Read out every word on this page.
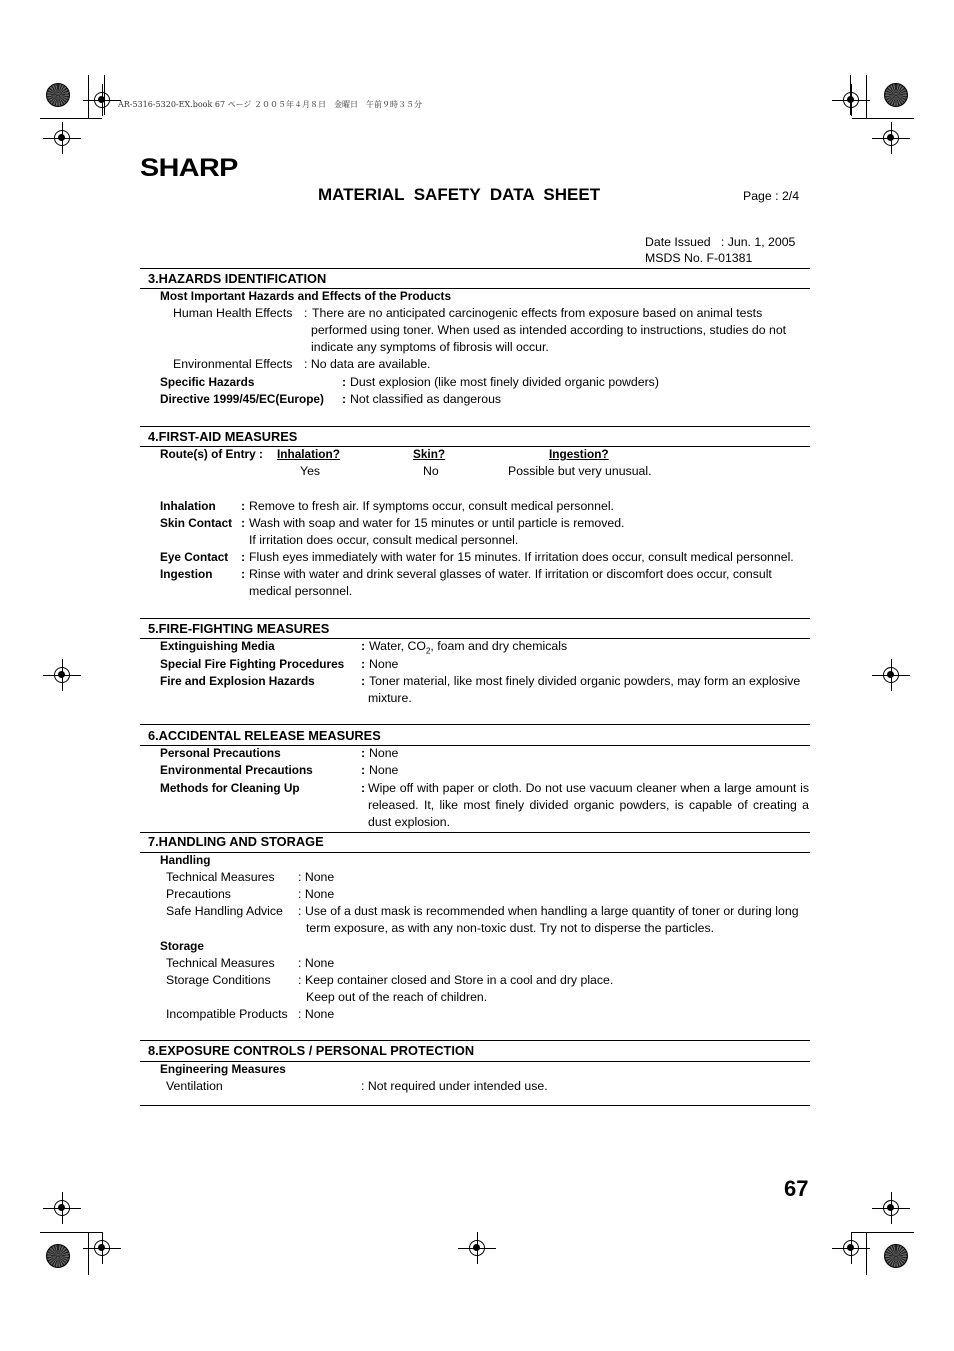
AR-5316-5320-EX.book 67 ページ ２００５年４月８日　金曜日　午前９時３５分
SHARP
MATERIAL  SAFETY  DATA  SHEET	Page : 2/4
Date Issued   : Jun. 1, 2005
MSDS No. F-01381
3.HAZARDS IDENTIFICATION
Most Important Hazards and Effects of the Products
Human Health Effects : There are no anticipated carcinogenic effects from exposure based on animal tests
performed using toner. When used as intended according to instructions, studies do not
indicate any symptoms of fibrosis will occur.
Environmental Effects : No data are available.
Specific Hazards	: Dust explosion (like most finely divided organic powders)
Directive 1999/45/EC(Europe) : Not classified as dangerous
4.FIRST-AID MEASURES
Route(s) of Entry : Inhalation?	Skin?	Ingestion?
Yes	No	Possible but very unusual.
Inhalation : Remove to fresh air. If symptoms occur, consult medical personnel.
Skin Contact : Wash with soap and water for 15 minutes or until particle is removed.
If irritation does occur, consult medical personnel.
Eye Contact : Flush eyes immediately with water for 15 minutes. If irritation does occur, consult medical personnel.
Ingestion : Rinse with water and drink several glasses of water. If irritation or discomfort does occur, consult
medical personnel.
5.FIRE-FIGHTING MEASURES
Extinguishing Media	: Water, $CO_2$, foam and dry chemicals
Special Fire Fighting Procedures : None
Fire and Explosion Hazards	: Toner material, like most finely divided organic powders, may form an explosive
mixture.
6.ACCIDENTAL RELEASE MEASURES
Personal Precautions	: None
Environmental Precautions	: None
Methods for Cleaning Up	: Wipe off with paper or cloth. Do not use vacuum cleaner when a large amount is released. It, like most finely divided organic powders, is capable of creating a dust explosion.
7.HANDLING AND STORAGE
Handling
Technical Measures : None
Precautions	: None
Safe Handling Advice : Use of a dust mask is recommended when handling a large quantity of toner or during long
term exposure, as with any non-toxic dust. Try not to disperse the particles.
Storage
Technical Measures : None
Storage Conditions : Keep container closed and Store in a cool and dry place.
Keep out of the reach of children.
Incompatible Products : None
8.EXPOSURE CONTROLS / PERSONAL PROTECTION
Engineering Measures
Ventilation	: Not required under intended use.
67
